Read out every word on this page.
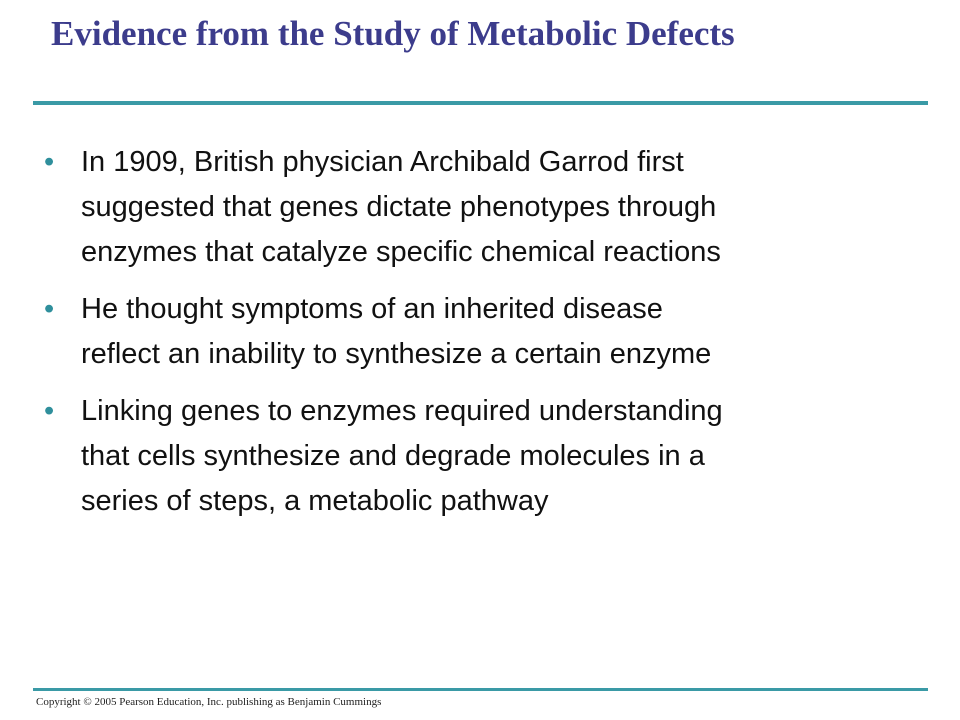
Evidence from the Study of Metabolic Defects
• In 1909, British physician Archibald Garrod first
suggested that genes dictate phenotypes through
enzymes that catalyze specific chemical reactions
• He thought symptoms of an inherited disease
reflect an inability to synthesize a certain enzyme
• Linking genes to enzymes required understanding
that cells synthesize and degrade molecules in a
series of steps, a metabolic pathway

Copyright © 2005 Pearson Education, Inc. publishing as Benjamin Cummings
